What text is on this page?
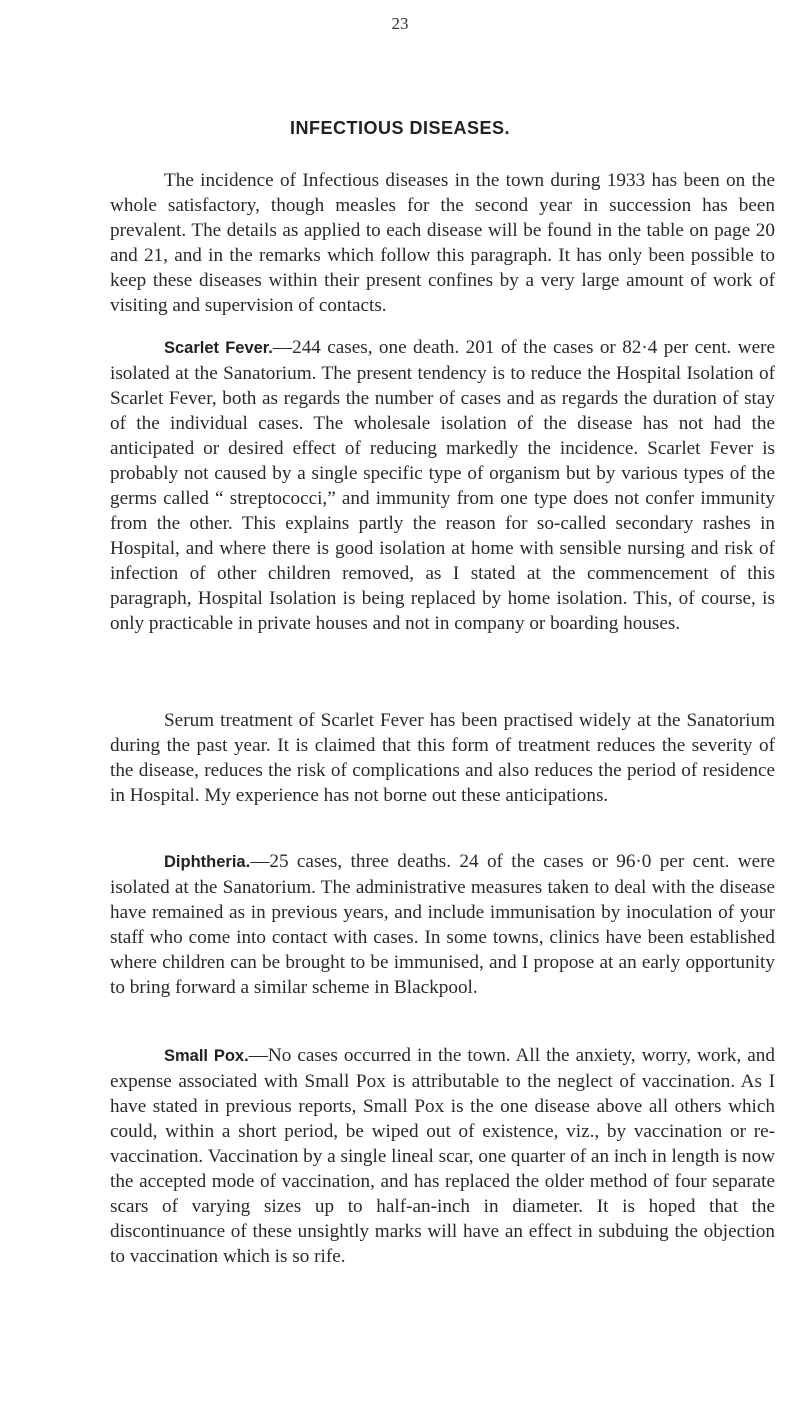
23
INFECTIOUS DISEASES.

The incidence of Infectious diseases in the town during 1933 has been on the whole satisfactory, though measles for the second year in succession has been prevalent. The details as applied to each disease will be found in the table on page 20 and 21, and in the remarks which follow this paragraph. It has only been possible to keep these diseases within their present confines by a very large amount of work of visiting and supervision of contacts.

Scarlet Fever.—244 cases, one death. 201 of the cases or 82·4 per cent. were isolated at the Sanatorium. The present tendency is to reduce the Hospital Isolation of Scarlet Fever, both as regards the number of cases and as regards the duration of stay of the individual cases. The wholesale isolation of the disease has not had the anticipated or desired effect of reducing markedly the incidence. Scarlet Fever is probably not caused by a single specific type of organism but by various types of the germs called “ streptococci,” and immunity from one type does not confer immunity from the other. This explains partly the reason for so-called secondary rashes in Hospital, and where there is good isolation at home with sensible nursing and risk of infection of other children removed, as I stated at the commencement of this paragraph, Hospital Isolation is being replaced by home isolation. This, of course, is only practicable in private houses and not in company or boarding houses.

Serum treatment of Scarlet Fever has been practised widely at the Sanatorium during the past year. It is claimed that this form of treatment reduces the severity of the disease, reduces the risk of complications and also reduces the period of residence in Hospital. My experience has not borne out these anticipations.

Diphtheria.—25 cases, three deaths. 24 of the cases or 96·0 per cent. were isolated at the Sanatorium. The administrative measures taken to deal with the disease have remained as in previous years, and include immunisation by inoculation of your staff who come into contact with cases. In some towns, clinics have been established where children can be brought to be immunised, and I propose at an early opportunity to bring forward a similar scheme in Blackpool.

Small Pox.—No cases occurred in the town. All the anxiety, worry, work, and expense associated with Small Pox is attributable to the neglect of vaccination. As I have stated in previous reports, Small Pox is the one disease above all others which could, within a short period, be wiped out of existence, viz., by vaccination or re-vaccination. Vaccination by a single lineal scar, one quarter of an inch in length is now the accepted mode of vaccination, and has replaced the older method of four separate scars of varying sizes up to half-an-inch in diameter. It is hoped that the discontinuance of these unsightly marks will have an effect in subduing the objection to vaccination which is so rife.
